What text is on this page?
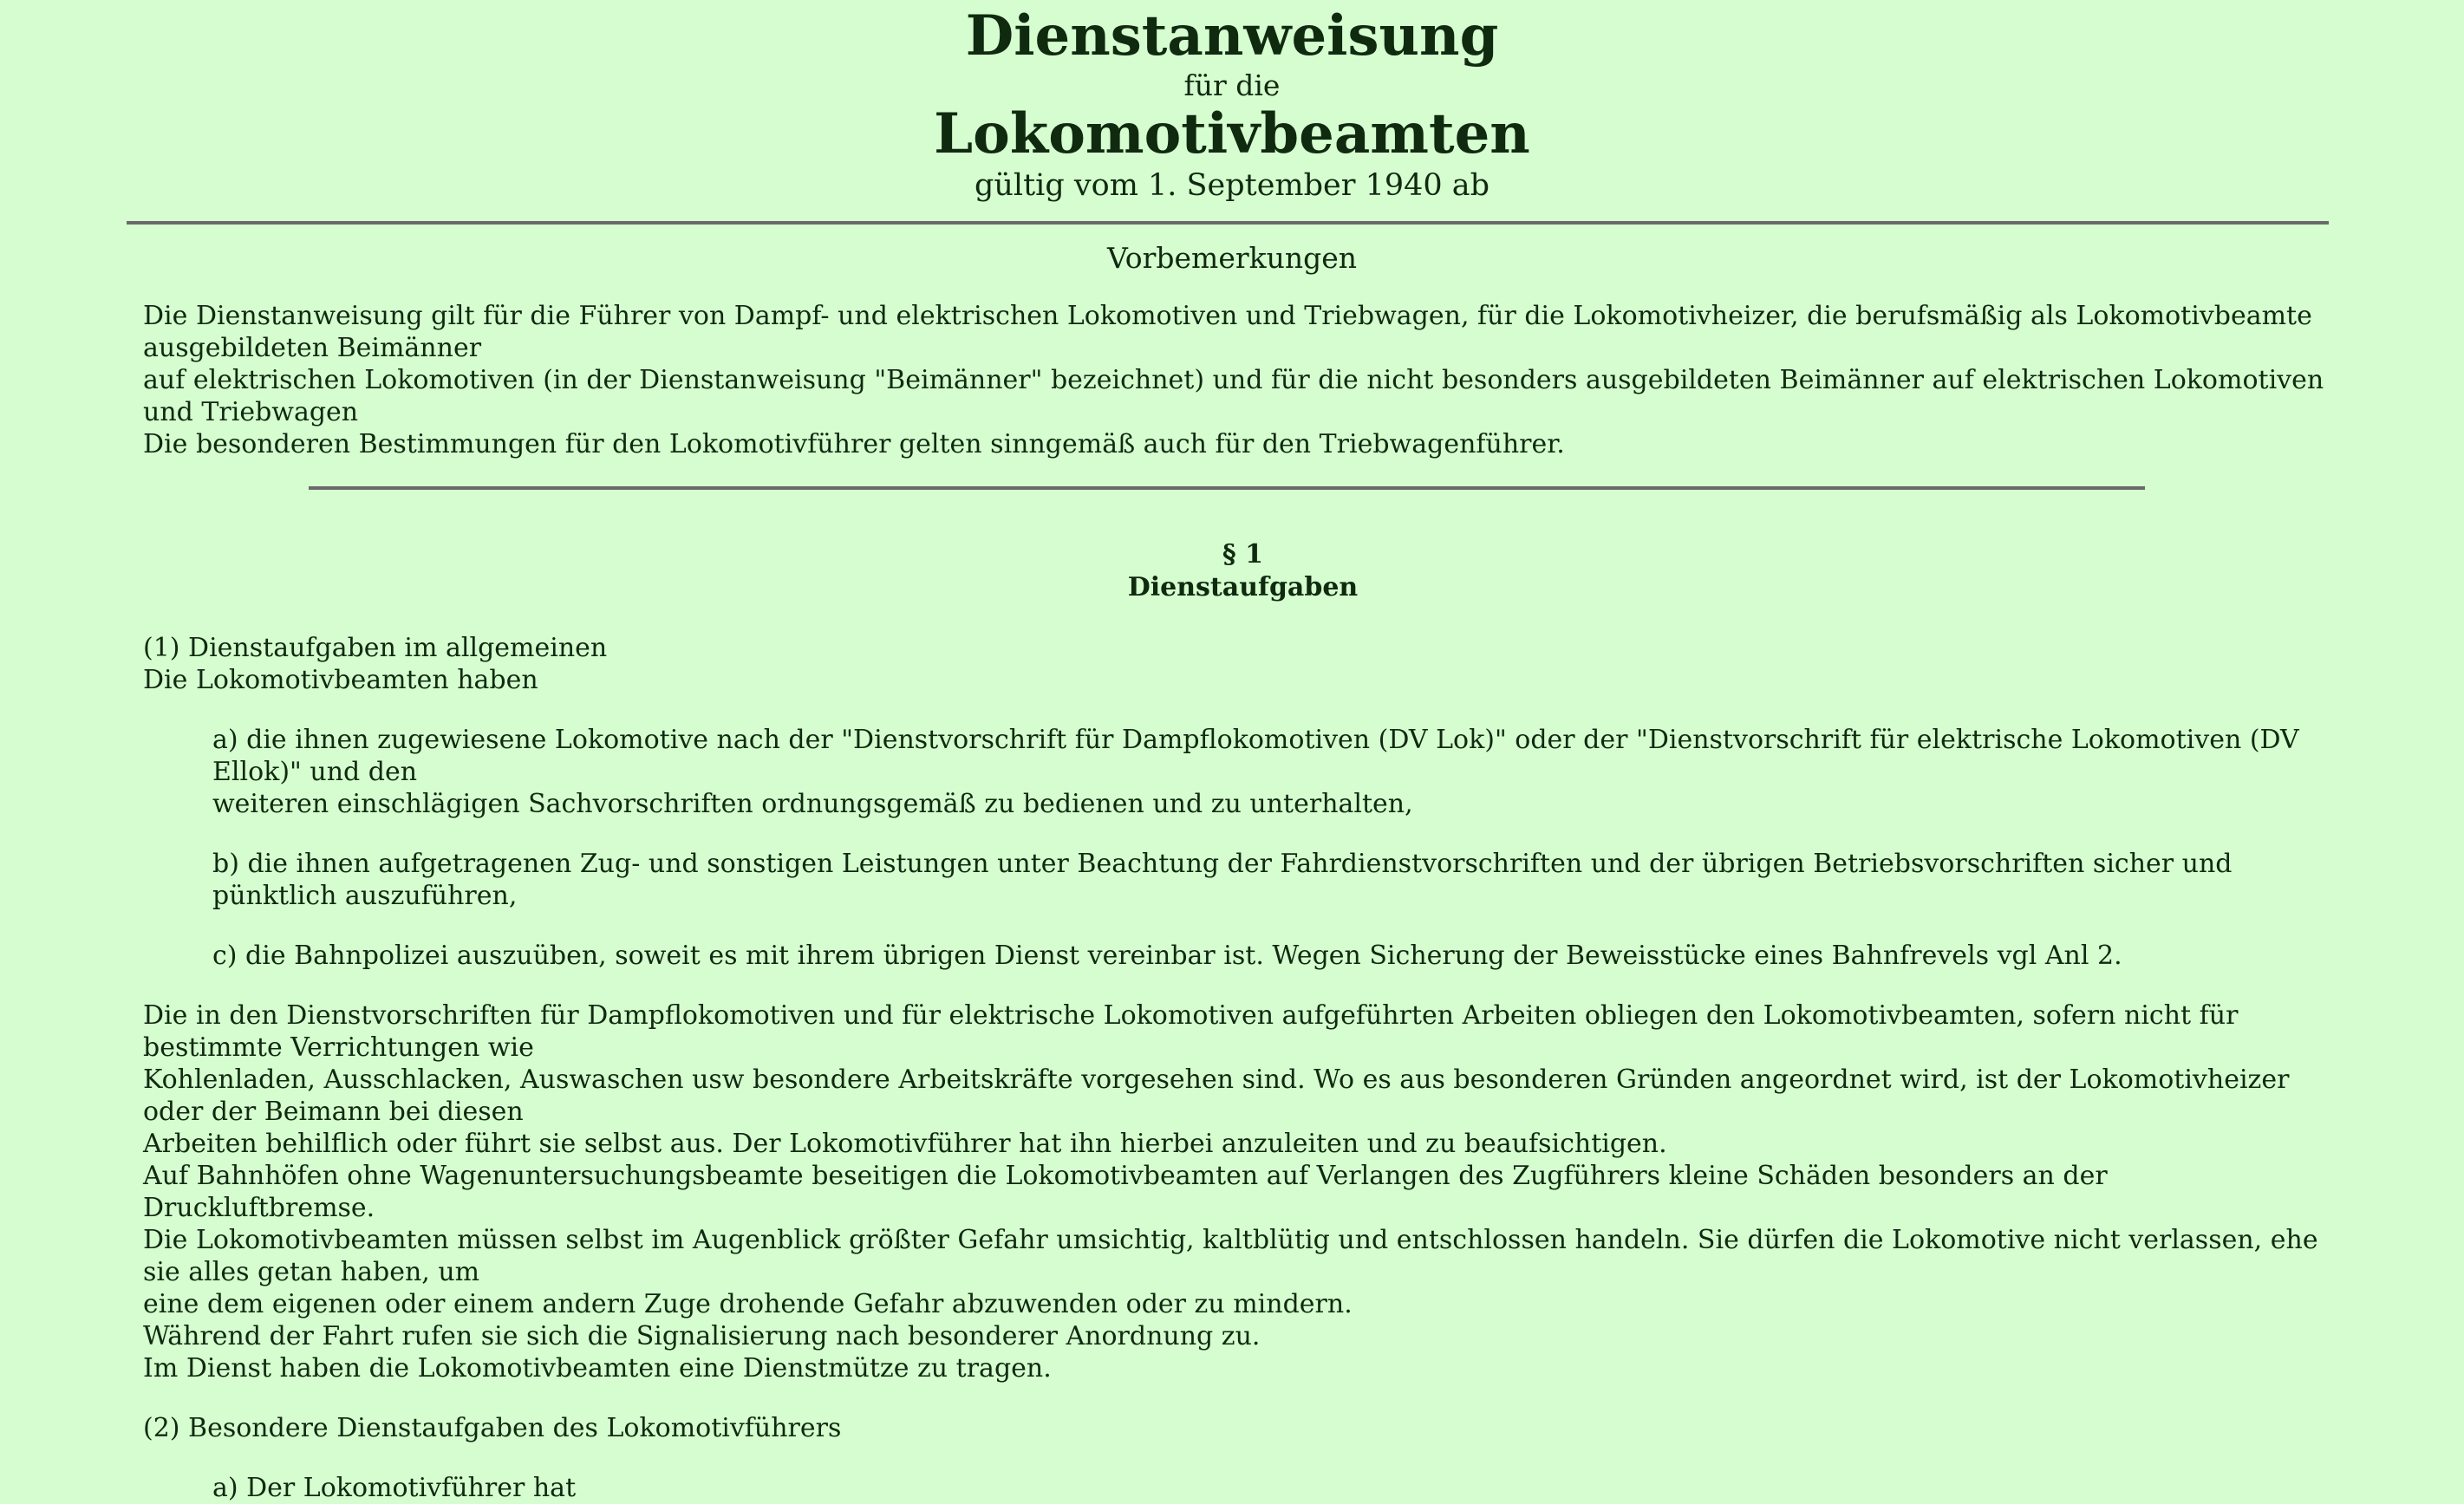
Dienstanweisung

für die

Lokomotivbeamten

gültig vom 1. September 1940 ab

Vorbemerkungen

Die Dienstanweisung gilt für die Führer von Dampf- und elektrischen Lokomotiven und Triebwagen, für die Lokomotivheizer, die berufsmäßig als Lokomotivbeamte ausgebildeten Beimänner

auf elektrischen Lokomotiven (in der Dienstanweisung "Beimänner" bezeichnet) und für die nicht besonders ausgebildeten Beimänner auf elektrischen Lokomotiven und Triebwagen

Die besonderen Bestimmungen für den Lokomotivführer gelten sinngemäß auch für den Triebwagenführer.

§ 1
Dienstaufgaben

(1) Dienstaufgaben im allgemeinen

Die Lokomotivbeamten haben

a) die ihnen zugewiesene Lokomotive nach der "Dienstvorschrift für Dampflokomotiven (DV Lok)" oder der "Dienstvorschrift für elektrische Lokomotiven (DV Ellok)" und den

weiteren einschlägigen Sachvorschriften ordnungsgemäß zu bedienen und zu unterhalten,

b) die ihnen aufgetragenen Zug- und sonstigen Leistungen unter Beachtung der Fahrdienstvorschriften und der übrigen Betriebsvorschriften sicher und pünktlich auszuführen,

c) die Bahnpolizei auszuüben, soweit es mit ihrem übrigen Dienst vereinbar ist. Wegen Sicherung der Beweisstücke eines Bahnfrevels vgl Anl 2.

Die in den Dienstvorschriften für Dampflokomotiven und für elektrische Lokomotiven aufgeführten Arbeiten obliegen den Lokomotivbeamten, sofern nicht für bestimmte Verrichtungen wie

Kohlenladen, Ausschlacken, Auswaschen usw besondere Arbeitskräfte vorgesehen sind. Wo es aus besonderen Gründen angeordnet wird, ist der Lokomotivheizer oder der Beimann bei diesen

Arbeiten behilflich oder führt sie selbst aus. Der Lokomotivführer hat ihn hierbei anzuleiten und zu beaufsichtigen.

Auf Bahnhöfen ohne Wagenuntersuchungsbeamte beseitigen die Lokomotivbeamten auf Verlangen des Zugführers kleine Schäden besonders an der Druckluftbremse.

Die Lokomotivbeamten müssen selbst im Augenblick größter Gefahr umsichtig, kaltblütig und entschlossen handeln. Sie dürfen die Lokomotive nicht verlassen, ehe sie alles getan haben, um

eine dem eigenen oder einem andern Zuge drohende Gefahr abzuwenden oder zu mindern.

Während der Fahrt rufen sie sich die Signalisierung nach besonderer Anordnung zu.

Im Dienst haben die Lokomotivbeamten eine Dienstmütze zu tragen.

(2) Besondere Dienstaufgaben des Lokomotivführers

a) Der Lokomotivführer hat
